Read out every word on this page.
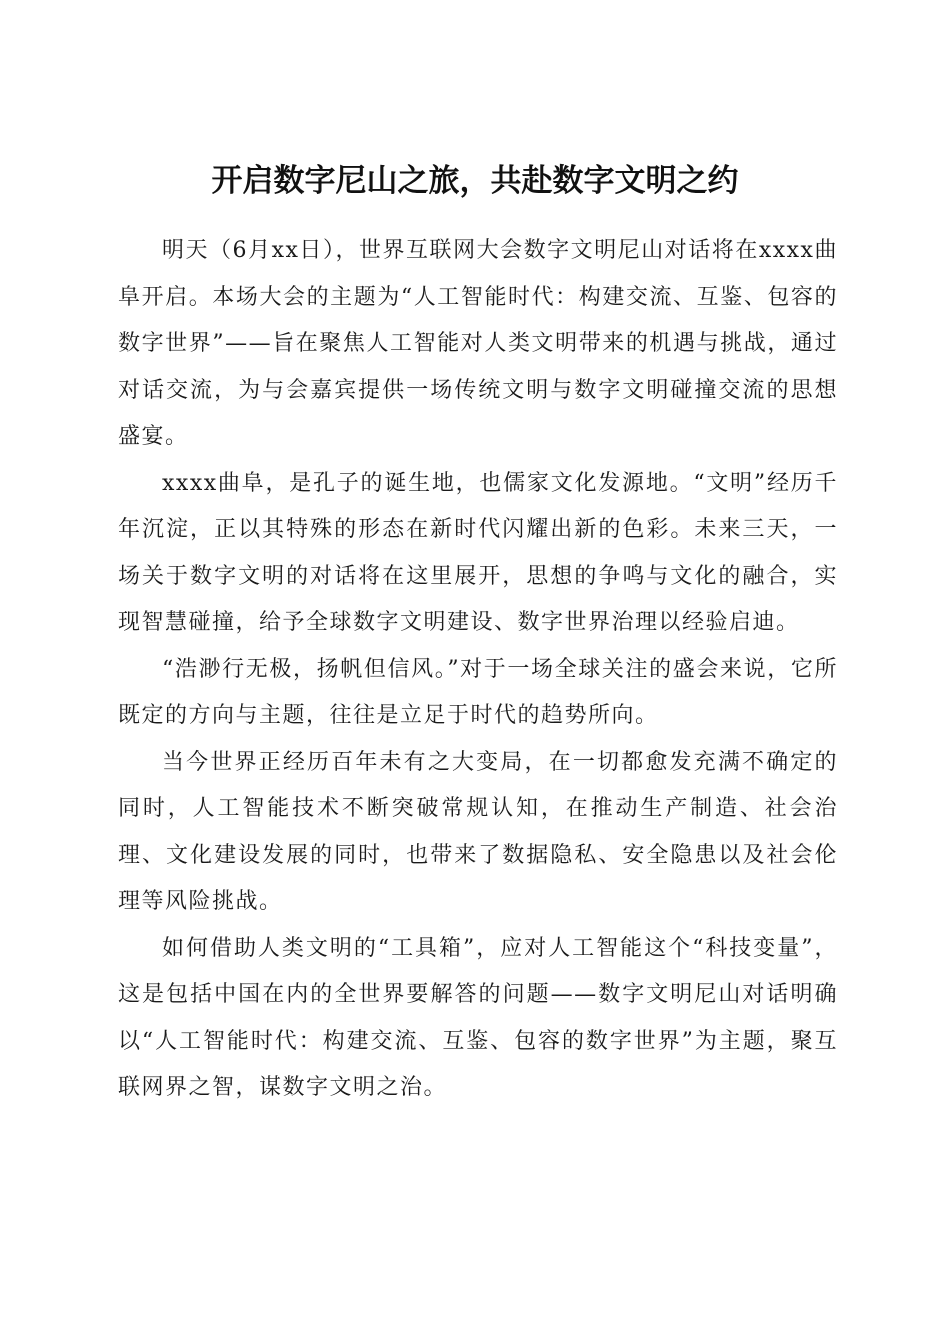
开启数字尼山之旅，共赴数字文明之约

明天（6月xx日），世界互联网大会数字文明尼山对话将在xxxx曲阜开启。本场大会的主题为“人工智能时代：构建交流、互鉴、包容的数字世界”——旨在聚焦人工智能对人类文明带来的机遇与挑战，通过对话交流，为与会嘉宾提供一场传统文明与数字文明碰撞交流的思想盛宴。

xxxx曲阜，是孔子的诞生地，也儒家文化发源地。“文明”经历千年沉淀，正以其特殊的形态在新时代闪耀出新的色彩。未来三天，一场关于数字文明的对话将在这里展开，思想的争鸣与文化的融合，实现智慧碰撞，给予全球数字文明建设、数字世界治理以经验启迪。

“浩渺行无极，扬帆但信风。”对于一场全球关注的盛会来说，它所既定的方向与主题，往往是立足于时代的趋势所向。

当今世界正经历百年未有之大变局，在一切都愈发充满不确定的同时，人工智能技术不断突破常规认知，在推动生产制造、社会治理、文化建设发展的同时，也带来了数据隐私、安全隐患以及社会伦理等风险挑战。

如何借助人类文明的“工具箱”，应对人工智能这个“科技变量”，这是包括中国在内的全世界要解答的问题——数字文明尼山对话明确以“人工智能时代：构建交流、互鉴、包容的数字世界”为主题，聚互联网界之智，谋数字文明之治。
